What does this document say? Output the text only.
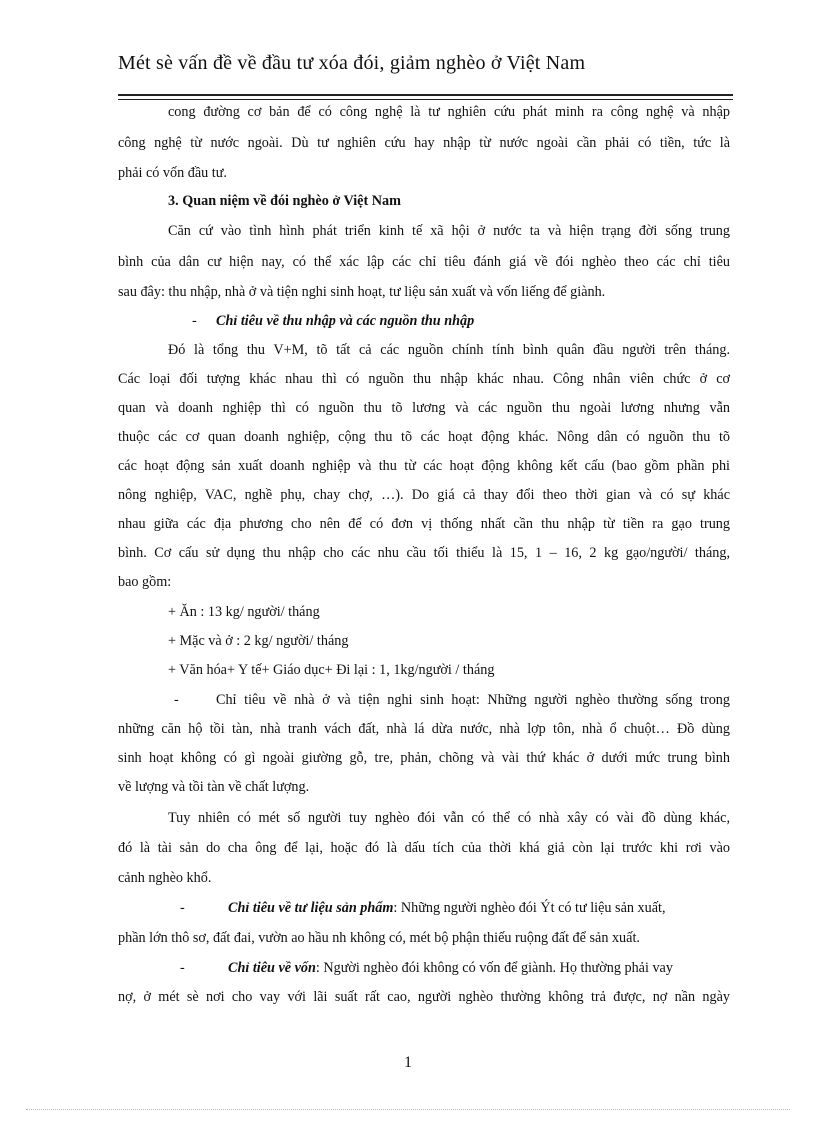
Mét sè vấn đề về đầu tư xóa đói, giảm nghèo ở Việt Nam
cong đường cơ bản để có công nghệ là tư nghiên cứu phát minh ra công nghệ và nhập
công nghệ từ nước ngoài. Dù tư nghiên cứu hay nhập từ nước ngoài cần phải có tiền, tức là
phải có vốn đầu tư.
3. Quan niệm về đói nghèo ở Việt Nam
Căn cứ vào tình hình phát triển kinh tế xã hội ở nước ta và hiện trạng đời sống trung
bình của dân cư hiện nay, có thể xác lập các chỉ tiêu đánh giá về đói nghèo theo các chỉ tiêu
sau đây: thu nhập, nhà ở và tiện nghi sinh hoạt, tư liệu sản xuất và vốn liếng để giành.
- Chỉ tiêu về thu nhập và các nguồn thu nhập
Đó là tổng thu V+M, tõ tất cả các nguồn chính tính bình quân đầu người trên tháng.
Các loại đối tượng khác nhau thì có nguồn thu nhập khác nhau. Công nhân viên chức ở cơ
quan và doanh nghiệp thì có nguồn thu tõ lương và các nguồn thu ngoài lương nhưng vẫn
thuộc các cơ quan doanh nghiệp, cộng thu tõ các hoạt động khác. Nông dân có nguồn thu tõ
các hoạt động sản xuất doanh nghiệp và thu từ các hoạt động không kết cấu (bao gồm phần phi
nông nghiệp, VAC, nghề phụ, chay chợ, …). Do giá cả thay đổi theo thời gian và có sự khác
nhau giữa các địa phương cho nên để có đơn vị thống nhất cần thu nhập từ tiền ra gạo trung
bình. Cơ cấu sử dụng thu nhập cho các nhu cầu tối thiểu là 15, 1 – 16, 2 kg gạo/người/ tháng,
bao gồm:
+ Ăn : 13 kg/ người/ tháng
+ Mặc và ở : 2 kg/ người/ tháng
+ Văn hóa+ Y tế+ Giáo dục+ Đi lại : 1, 1kg/người / tháng
-	Chỉ tiêu về nhà ở và tiện nghi sinh hoạt: Những người nghèo thường sống trong
những căn hộ tồi tàn, nhà tranh vách đất, nhà lá dừa nước, nhà lợp tôn, nhà ổ chuột… Đồ dùng
sinh hoạt không có gì ngoài giường gỗ, tre, phản, chõng và vài thứ khác ở dưới mức trung bình
về lượng và tồi tàn về chất lượng.
Tuy nhiên có mét số người tuy nghèo đói vẫn có thể có nhà xây có vài đồ dùng khác,
đó là tài sản do cha ông để lại, hoặc đó là dấu tích của thời khá giả còn lại trước khi rơi vào
cảnh nghèo khổ.
-	Chỉ tiêu về tư liệu sản phẩm: Những người nghèo đói Ýt có tư liệu sản xuất,
phần lớn thô sơ, đất đai, vườn ao hầu nh không có, mét bộ phận thiếu ruộng đất để sản xuất.
-	Chỉ tiêu về vốn: Người nghèo đói không có vốn để giành. Họ thường phải vay
nợ, ở mét sè nơi cho vay với lãi suất rất cao, người nghèo thường không trả được, nợ nần ngày
1
